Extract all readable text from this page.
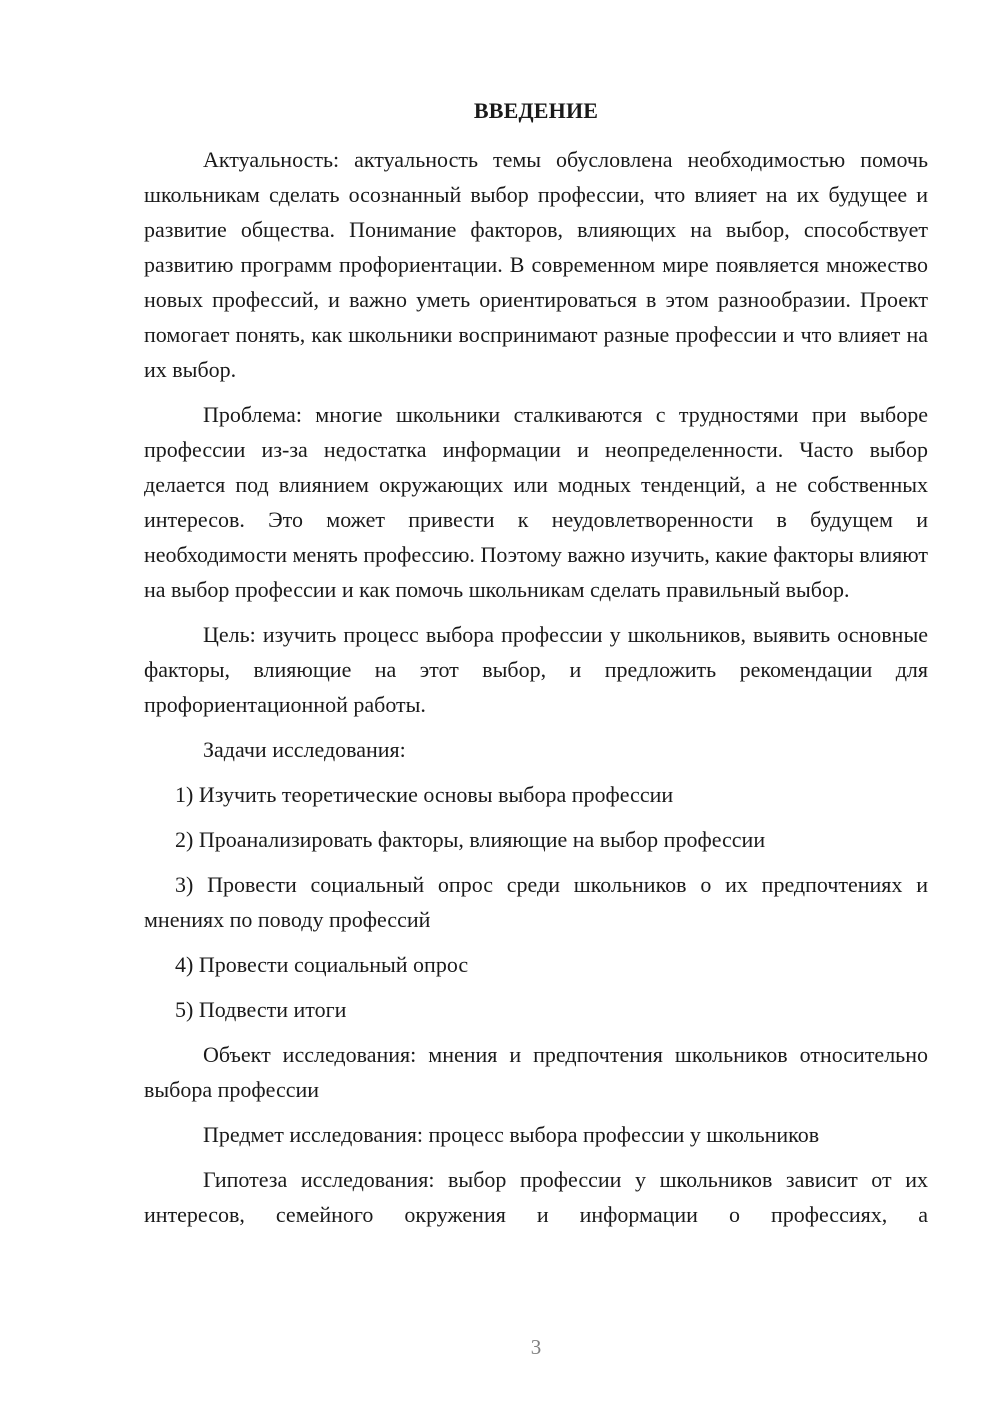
ВВЕДЕНИЕ

Актуальность: актуальность темы обусловлена необходимостью помочь школьникам сделать осознанный выбор профессии, что влияет на их будущее и развитие общества. Понимание факторов, влияющих на выбор, способствует развитию программ профориентации. В современном мире появляется множество новых профессий, и важно уметь ориентироваться в этом разнообразии. Проект помогает понять, как школьники воспринимают разные профессии и что влияет на их выбор.

Проблема: многие школьники сталкиваются с трудностями при выборе профессии из-за недостатка информации и неопределенности. Часто выбор делается под влиянием окружающих или модных тенденций, а не собственных интересов. Это может привести к неудовлетворенности в будущем и необходимости менять профессию. Поэтому важно изучить, какие факторы влияют на выбор профессии и как помочь школьникам сделать правильный выбор.

Цель: изучить процесс выбора профессии у школьников, выявить основные факторы, влияющие на этот выбор, и предложить рекомендации для профориентационной работы.

Задачи исследования:

1) Изучить теоретические основы выбора профессии

2) Проанализировать факторы, влияющие на выбор профессии

3) Провести социальный опрос среди школьников о их предпочтениях и мнениях по поводу профессий

4) Провести социальный опрос

5) Подвести итоги

Объект исследования: мнения и предпочтения школьников относительно выбора профессии

Предмет исследования: процесс выбора профессии у школьников

Гипотеза исследования: выбор профессии у школьников зависит от их интересов, семейного окружения и информации о профессиях, а

3
